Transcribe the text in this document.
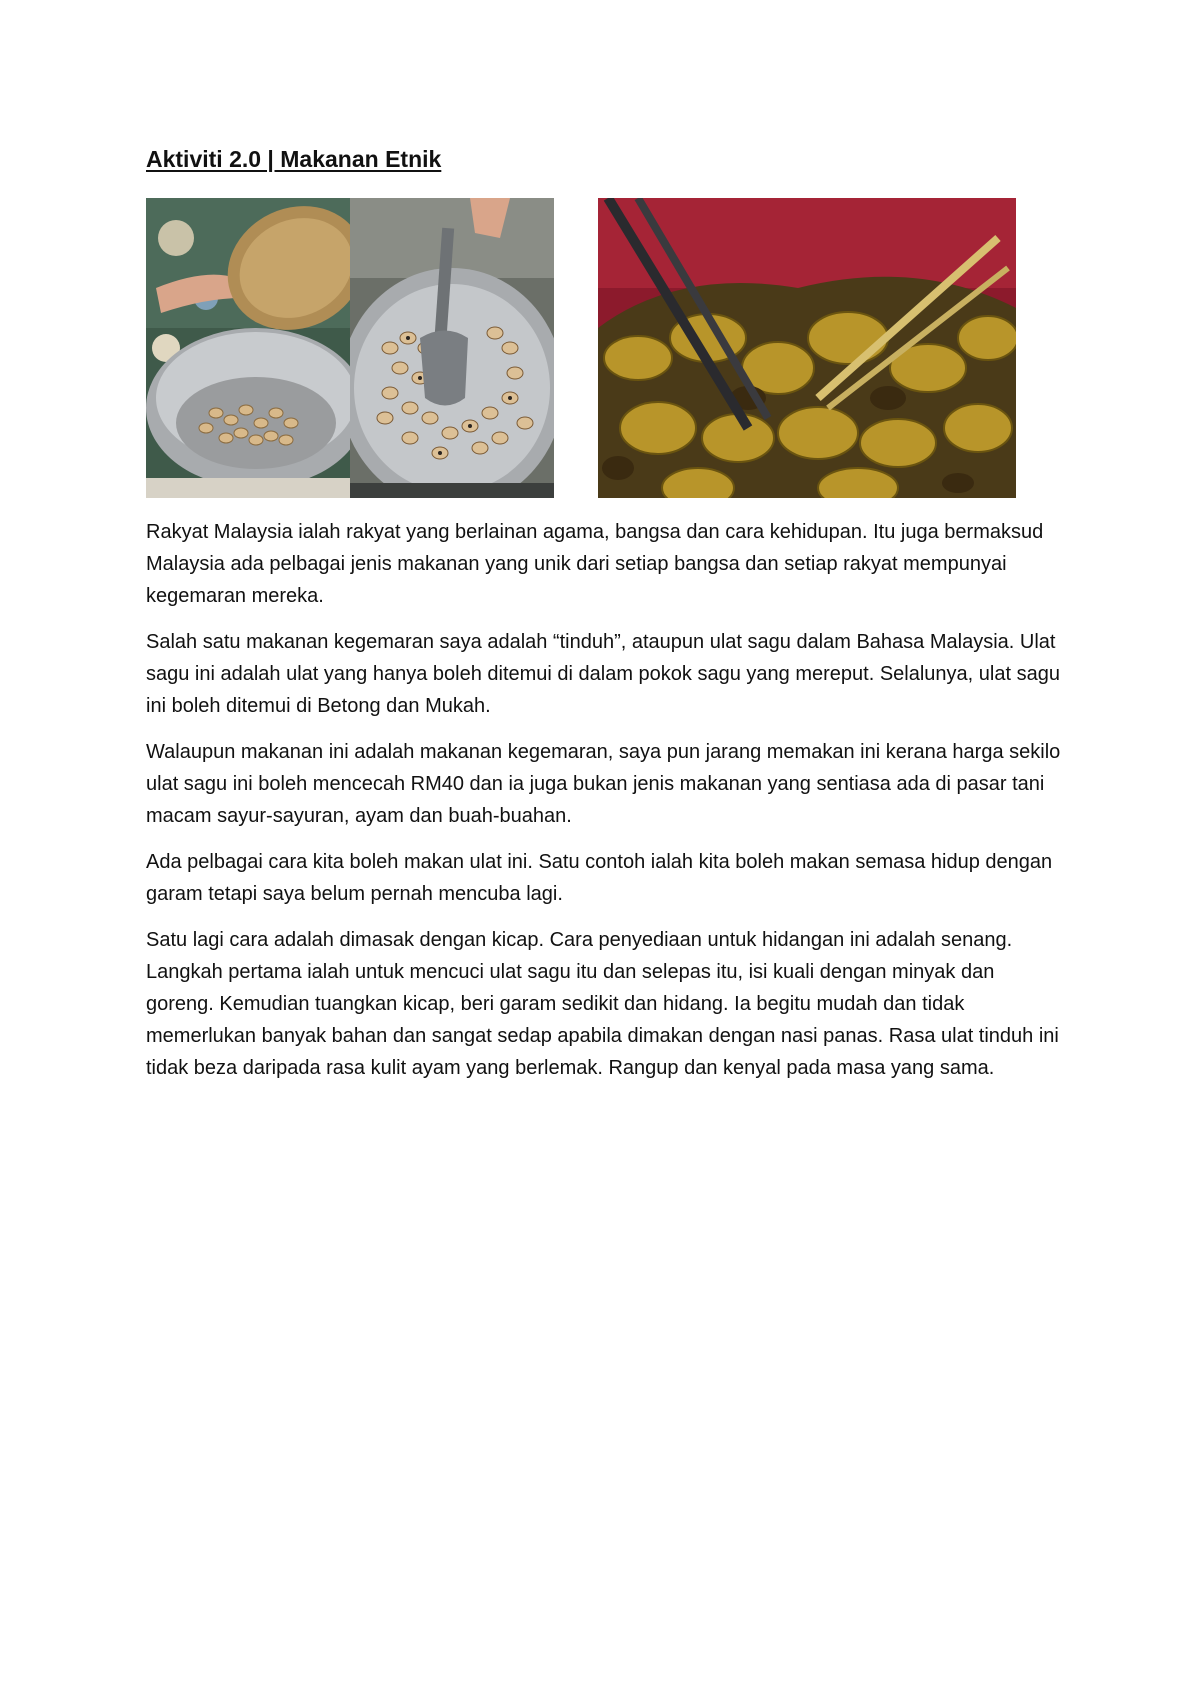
Aktiviti 2.0 | Makanan Etnik

Rakyat Malaysia ialah rakyat yang berlainan agama, bangsa dan cara kehidupan. Itu juga bermaksud Malaysia ada pelbagai jenis makanan yang unik dari setiap bangsa dan setiap rakyat mempunyai kegemaran mereka.

Salah satu makanan kegemaran saya adalah “tinduh”, ataupun ulat sagu dalam Bahasa Malaysia. Ulat sagu ini adalah ulat yang hanya boleh ditemui di dalam pokok sagu yang mereput. Selalunya, ulat sagu ini boleh ditemui di Betong dan Mukah.

Walaupun makanan ini adalah makanan kegemaran, saya pun jarang memakan ini kerana harga sekilo ulat sagu ini boleh mencecah RM40 dan ia juga bukan jenis makanan yang sentiasa ada di pasar tani macam sayur-sayuran, ayam dan buah-buahan.

Ada pelbagai cara kita boleh makan ulat ini. Satu contoh ialah kita boleh makan semasa hidup dengan garam tetapi saya belum pernah mencuba lagi.

Satu lagi cara adalah dimasak dengan kicap. Cara penyediaan untuk hidangan ini adalah senang. Langkah pertama ialah untuk mencuci ulat sagu itu dan selepas itu, isi kuali dengan minyak dan goreng. Kemudian tuangkan kicap, beri garam sedikit dan hidang. Ia begitu mudah dan tidak memerlukan banyak bahan dan sangat sedap apabila dimakan dengan nasi panas. Rasa ulat tinduh ini tidak beza daripada rasa kulit ayam yang berlemak. Rangup dan kenyal pada masa yang sama.
